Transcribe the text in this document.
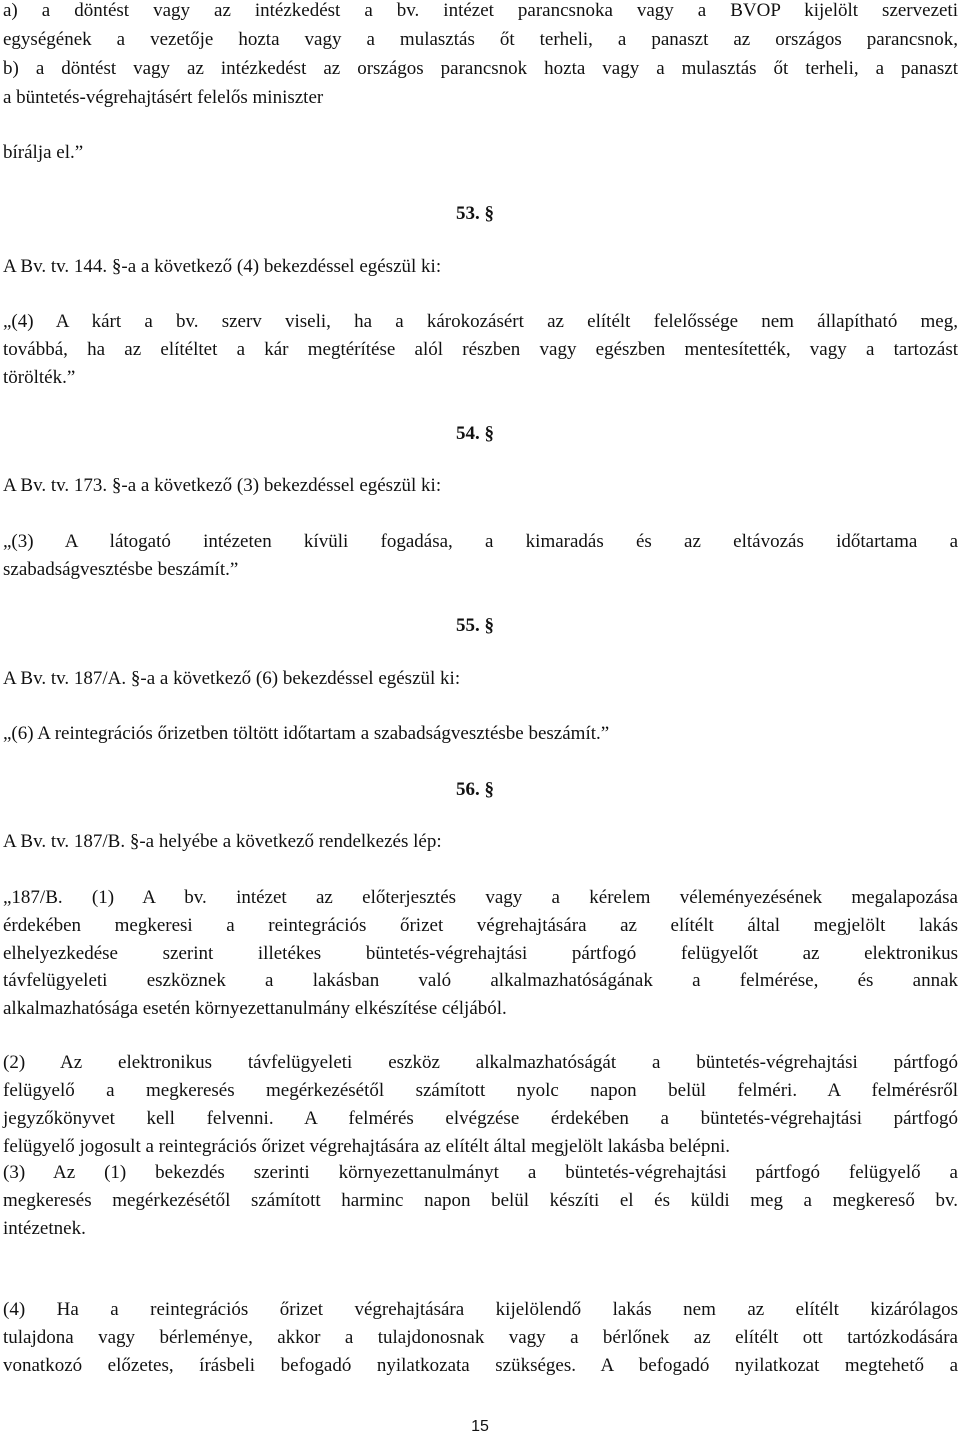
a) a döntést vagy az intézkedést a bv. intézet parancsnoka vagy a BVOP kijelölt szervezeti
egységének a vezetője hozta vagy a mulasztás őt terheli, a panaszt az országos parancsnok,
b) a döntést vagy az intézkedést az országos parancsnok hozta vagy a mulasztás őt terheli, a panaszt
a büntetés-végrehajtásért felelős miniszter
bírálja el.”
53. §
A Bv. tv. 144. §-a a következő (4) bekezdéssel egészül ki:
„(4) A kárt a bv. szerv viseli, ha a károkozásért az elítélt felelőssége nem állapítható meg,
továbbá, ha az elítéltet a kár megtérítése alól részben vagy egészben mentesítették, vagy a tartozást
törölték.”
54. §
A Bv. tv. 173. §-a a következő (3) bekezdéssel egészül ki:
„(3) A látogató intézeten kívüli fogadása, a kimaradás és az eltávozás időtartama a
szabadságvesztésbe beszámít.”
55. §
A Bv. tv. 187/A. §-a a következő (6) bekezdéssel egészül ki:
„(6) A reintegrációs őrizetben töltött időtartam a szabadságvesztésbe beszámít.”
56. §
A Bv. tv. 187/B. §-a helyébe a következő rendelkezés lép:
„187/B. (1) A bv. intézet az előterjesztés vagy a kérelem véleményezésének megalapozása
érdekében megkeresi a reintegrációs őrizet végrehajtására az elítélt által megjelölt lakás
elhelyezkedése szerint illetékes büntetés-végrehajtási pártfogó felügyelőt az elektronikus
távfelügyeleti eszköznek a lakásban való alkalmazhatóságának a felmérése, és annak
alkalmazhatósága esetén környezettanulmány elkészítése céljából.
(2) Az elektronikus távfelügyeleti eszköz alkalmazhatóságát a büntetés-végrehajtási pártfogó
felügyelő a megkeresés megérkezésétől számított nyolc napon belül felméri. A felmérésről
jegyzőkönyvet kell felvenni. A felmérés elvégzése érdekében a büntetés-végrehajtási pártfogó
felügyelő jogosult a reintegrációs őrizet végrehajtására az elítélt által megjelölt lakásba belépni.
(3) Az (1) bekezdés szerinti környezettanulmányt a büntetés-végrehajtási pártfogó felügyelő a
megkeresés megérkezésétől számított harminc napon belül készíti el és küldi meg a megkereső bv.
intézetnek.
(4) Ha a reintegrációs őrizet végrehajtására kijelölendő lakás nem az elítélt kizárólagos
tulajdona vagy bérleménye, akkor a tulajdonosnak vagy a bérlőnek az elítélt ott tartózkodására
vonatkozó előzetes, írásbeli befogadó nyilatkozata szükséges. A befogadó nyilatkozat megtehető a
15
